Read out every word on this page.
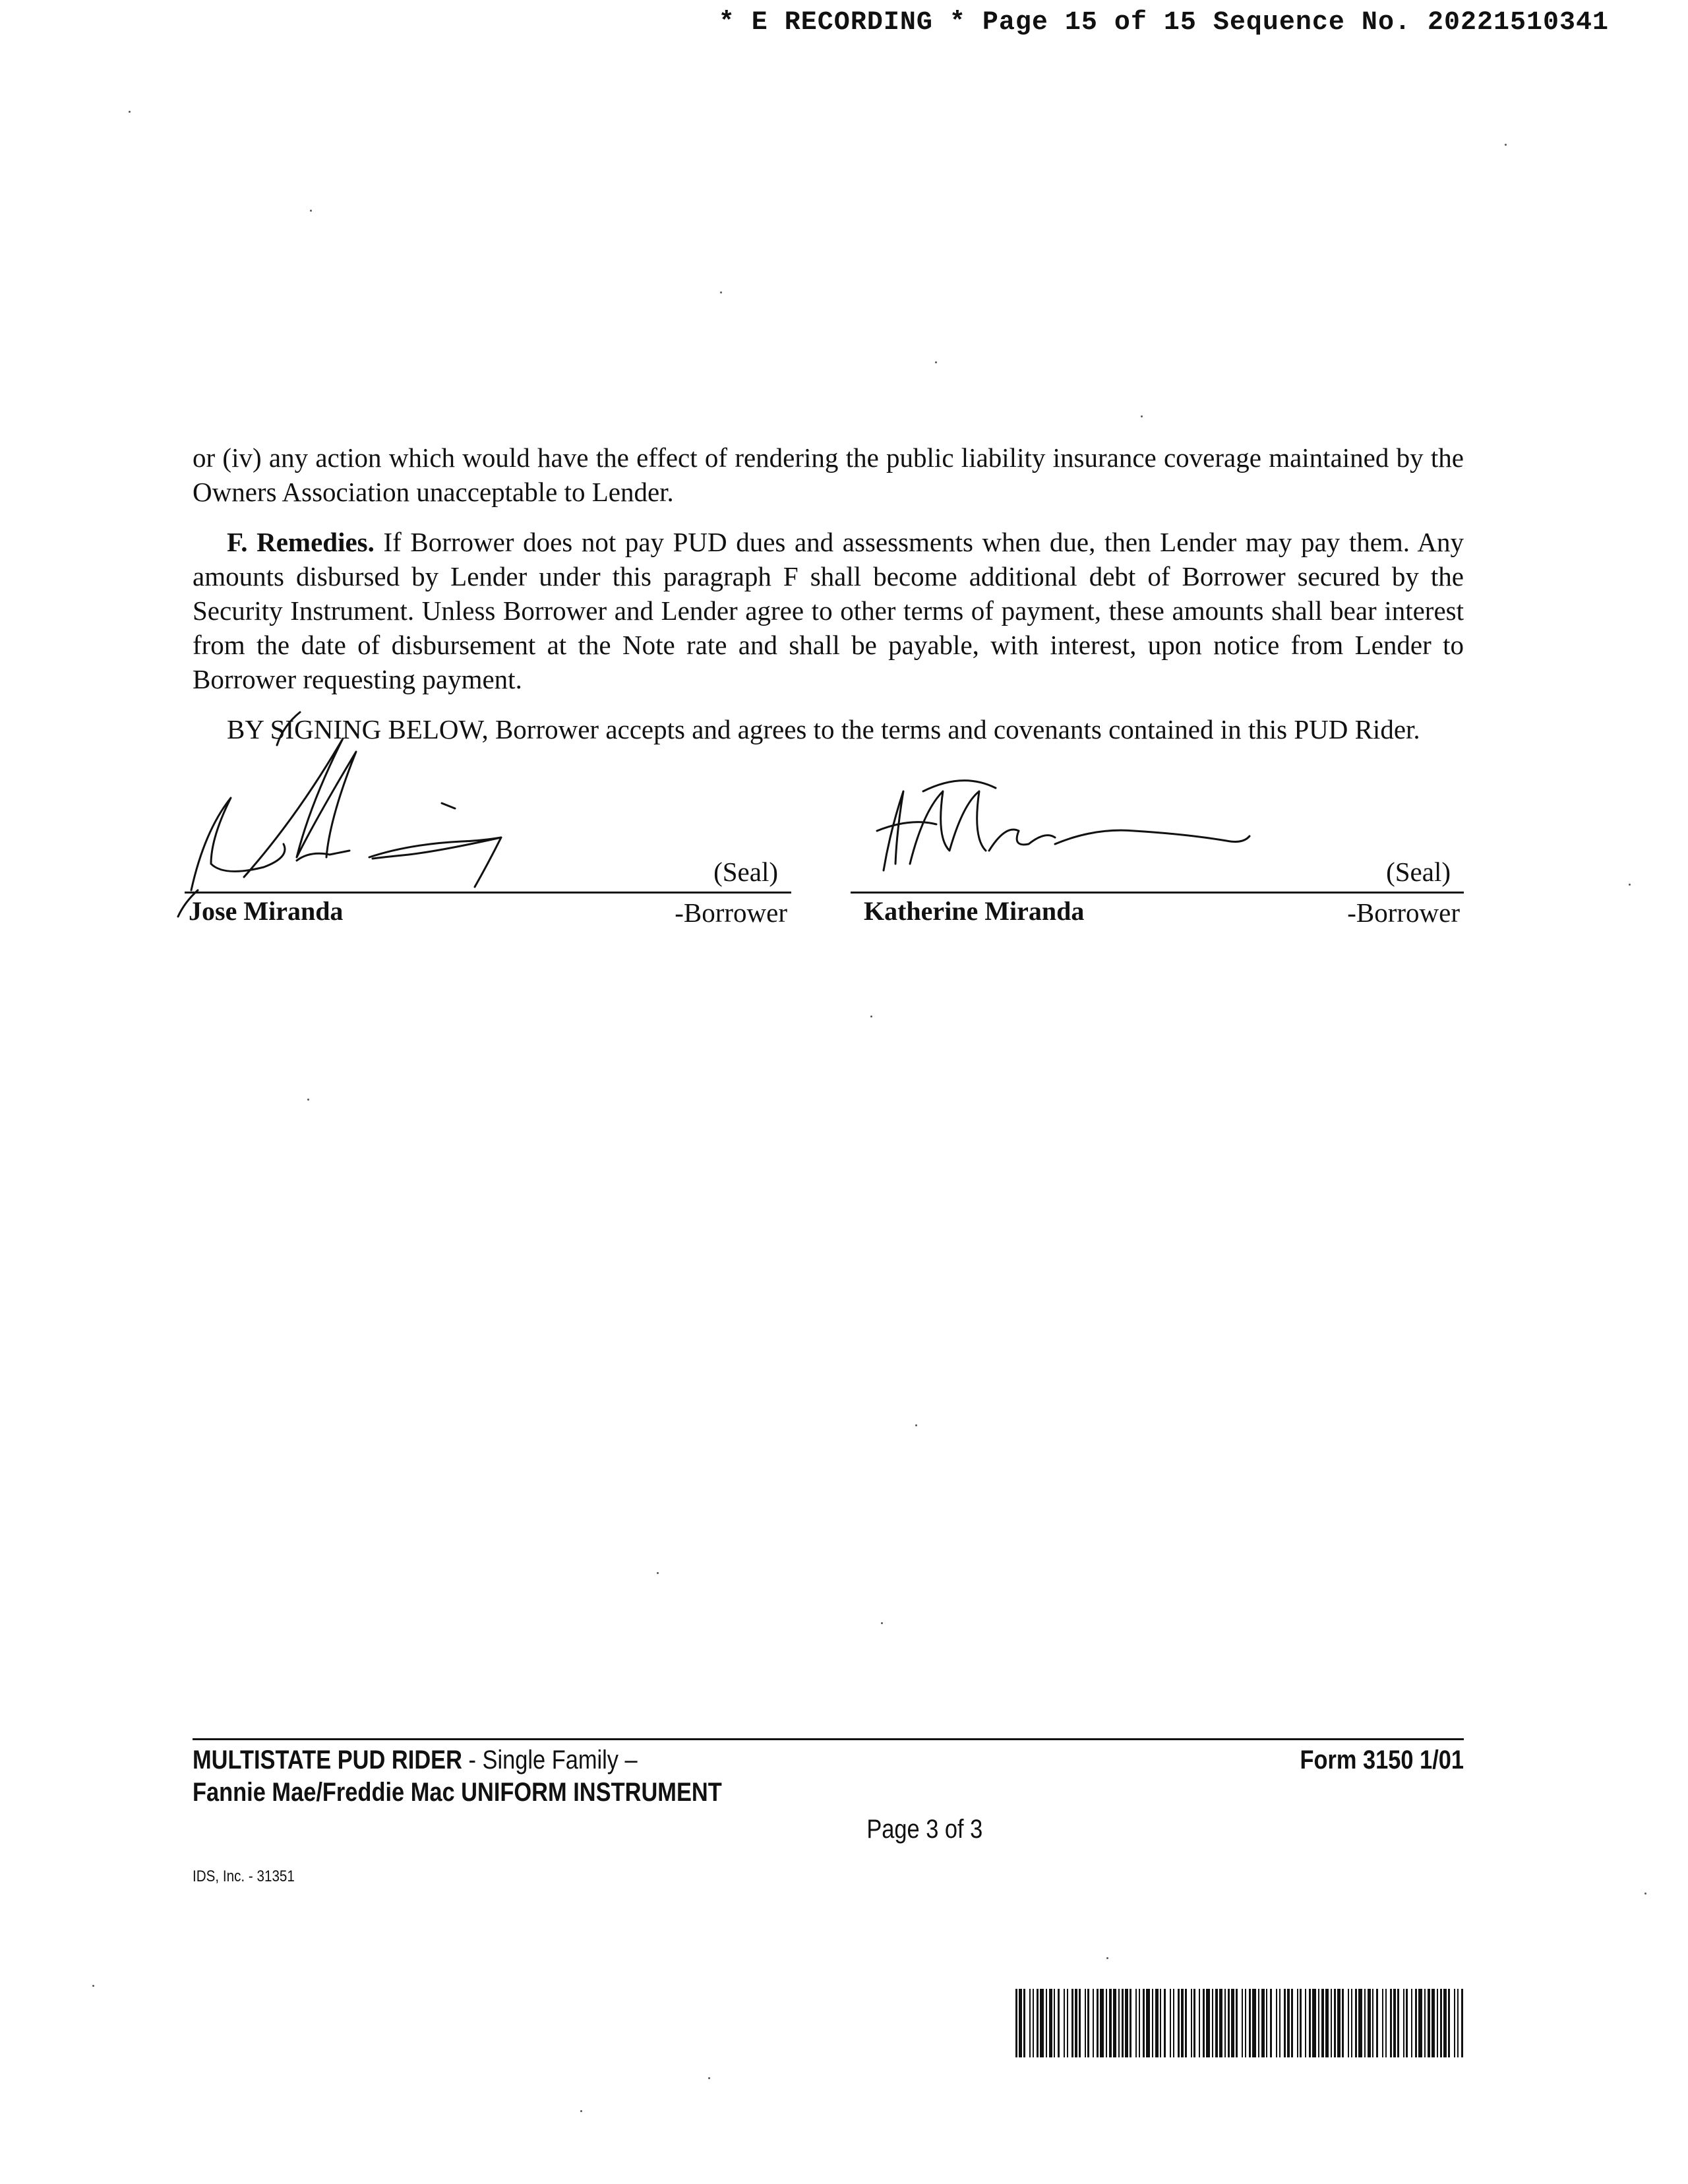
* E RECORDING * Page 15 of 15 Sequence No. 20221510341

or (iv) any action which would have the effect of rendering the public liability insurance coverage maintained by the Owners Association unacceptable to Lender.

F. Remedies. If Borrower does not pay PUD dues and assessments when due, then Lender may pay them. Any amounts disbursed by Lender under this paragraph F shall become additional debt of Borrower secured by the Security Instrument. Unless Borrower and Lender agree to other terms of payment, these amounts shall bear interest from the date of disbursement at the Note rate and shall be payable, with interest, upon notice from Lender to Borrower requesting payment.

BY SIGNING BELOW, Borrower accepts and agrees to the terms and covenants contained in this PUD Rider.

(Seal)
Jose Miranda	-Borrower
(Seal)
Katherine Miranda	-Borrower
MULTISTATE PUD RIDER - Single Family –	Form 3150 1/01
Fannie Mae/Freddie Mac UNIFORM INSTRUMENT
Page 3 of 3
IDS, Inc. - 31351
